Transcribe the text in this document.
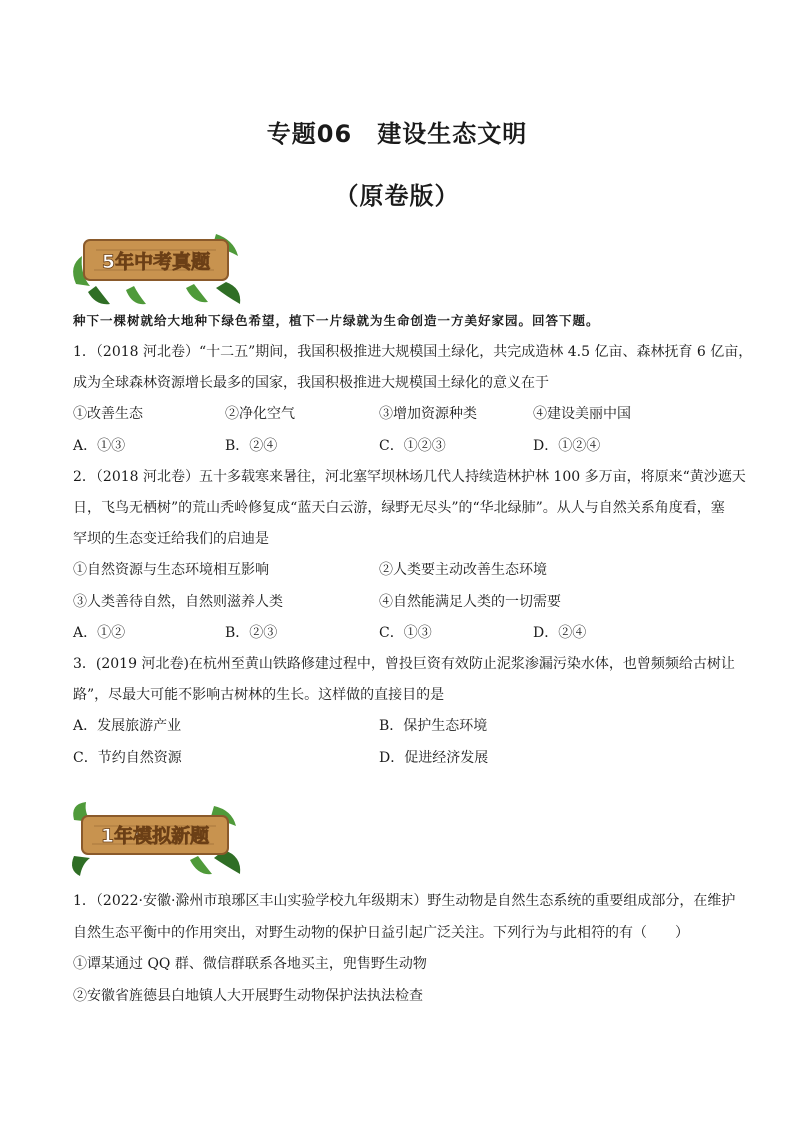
专题06　建设生态文明
（原卷版）
5年中考真题
种下一棵树就给大地种下绿色希望，植下一片绿就为生命创造一方美好家园。回答下题。
1．（2018 河北卷）“十二五”期间，我国积极推进大规模国土绿化，共完成造林 4.5 亿亩、森林抚育 6 亿亩，
成为全球森林资源增长最多的国家，我国积极推进大规模国土绿化的意义在于
①改善生态	②净化空气	③增加资源种类	④建设美丽中国
A．①③	B．②④	C．①②③	D．①②④
2．（2018 河北卷）五十多载寒来暑往，河北塞罕坝林场几代人持续造林护林 100 多万亩，将原来“黄沙遮天
日，飞鸟无栖树”的荒山秃岭修复成“蓝天白云游，绿野无尽头”的“华北绿肺”。从人与自然关系角度看，塞
罕坝的生态变迁给我们的启迪是
①自然资源与生态环境相互影响	②人类要主动改善生态环境
③人类善待自然，自然则滋养人类	④自然能满足人类的一切需要
A．①②	B．②③	C．①③	D．②④
3．(2019 河北卷)在杭州至黄山铁路修建过程中，曾投巨资有效防止泥浆渗漏污染水体，也曾频频给古树让
路”，尽最大可能不影响古树林的生长。这样做的直接目的是
A．发展旅游产业	B．保护生态环境
C．节约自然资源	D．促进经济发展
1年模拟新题
1．（2022·安徽·滁州市琅琊区丰山实验学校九年级期末）野生动物是自然生态系统的重要组成部分，在维护
自然生态平衡中的作用突出，对野生动物的保护日益引起广泛关注。下列行为与此相符的有（　　）
①谭某通过 QQ 群、微信群联系各地买主，兜售野生动物
②安徽省旌德县白地镇人大开展野生动物保护法执法检查
